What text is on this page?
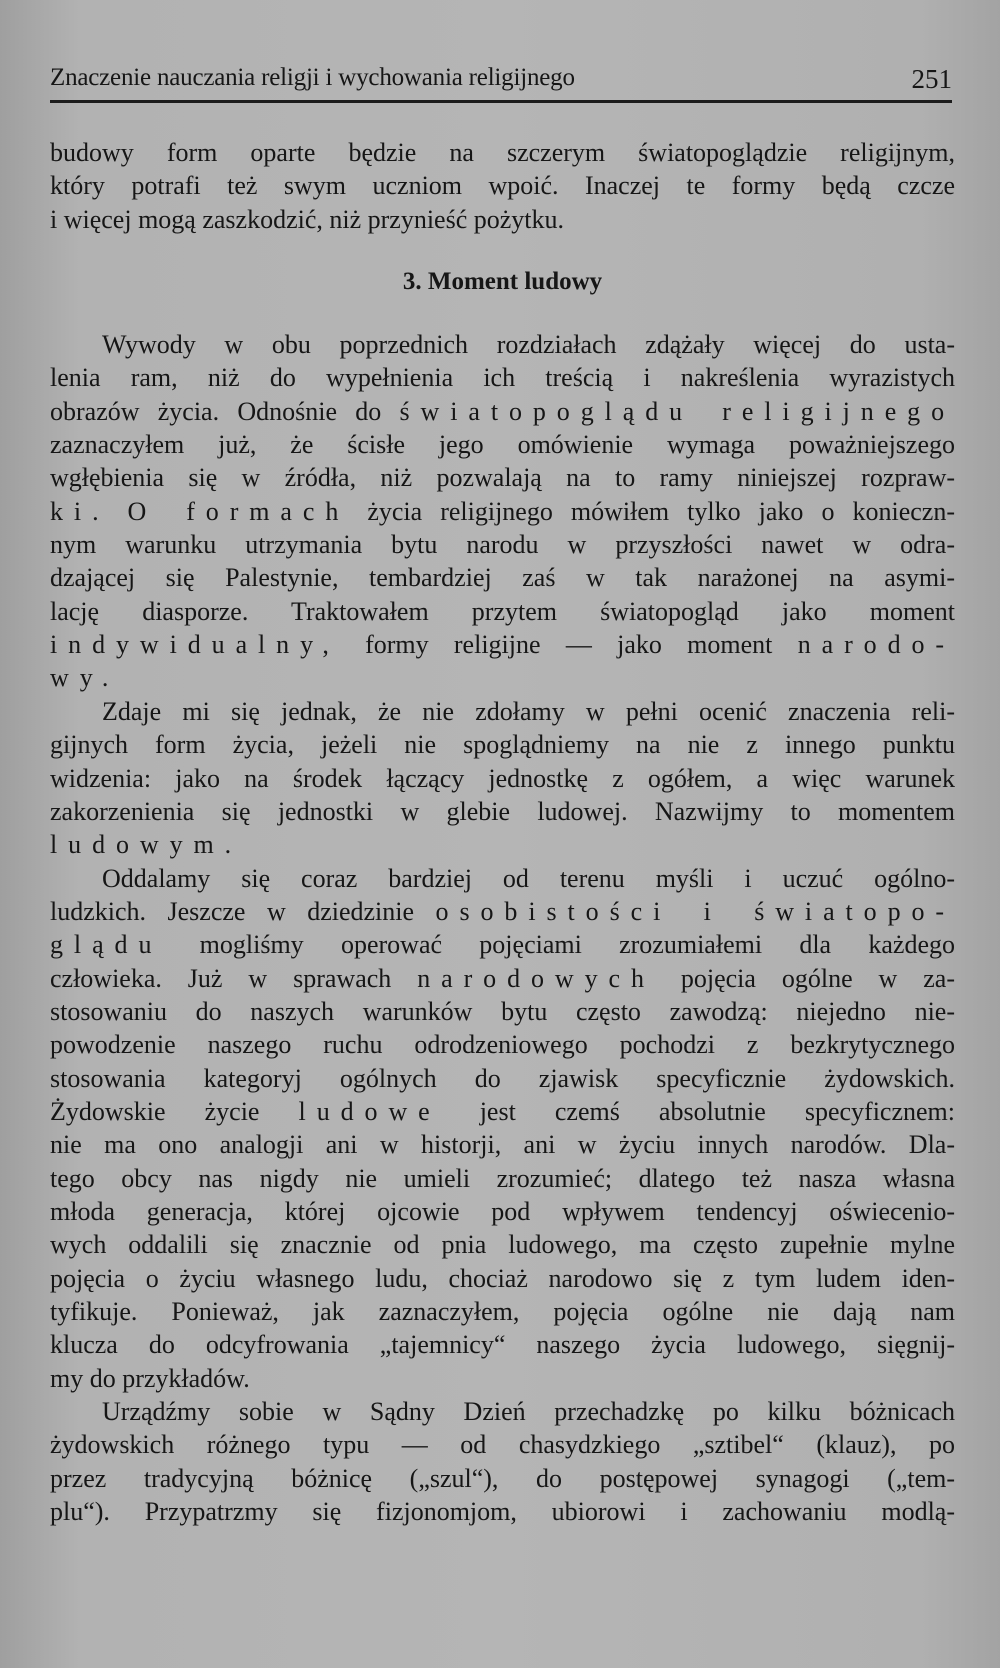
Znaczenie nauczania religji i wychowania religijnego	251
budowy form oparte będzie na szczerym światopoglądzie religijnym,
który potrafi też swym uczniom wpoić. Inaczej te formy będą czcze
i więcej mogą zaszkodzić, niż przynieść pożytku.
3. Moment ludowy
Wywody w obu poprzednich rozdziałach zdążały więcej do usta-
lenia ram, niż do wypełnienia ich treścią i nakreślenia wyrazistych
obrazów życia. Odnośnie do światopoglądu religijnego
zaznaczyłem już, że ścisłe jego omówienie wymaga poważniejszego
wgłębienia się w źródła, niż pozwalają na to ramy niniejszej rozpraw-
ki. O formach życia religijnego mówiłem tylko jako o konieczn-
nym warunku utrzymania bytu narodu w przyszłości nawet w odra-
dzającej się Palestynie, tembardziej zaś w tak narażonej na asymi-
lację diasporze. Traktowałem przytem światopogląd jako moment
indywidualny, formy religijne — jako moment narodo-
wy.
Zdaje mi się jednak, że nie zdołamy w pełni ocenić znaczenia reli-
gijnych form życia, jeżeli nie spoglądniemy na nie z innego punktu
widzenia: jako na środek łączący jednostkę z ogółem, a więc warunek
zakorzenienia się jednostki w glebie ludowej. Nazwijmy to momentem
ludowym.
Oddalamy się coraz bardziej od terenu myśli i uczuć ogólno-
ludzkich. Jeszcze w dziedzinie osobistości i światopo-
glądu mogliśmy operować pojęciami zrozumiałemi dla każdego
człowieka. Już w sprawach narodowych pojęcia ogólne w za-
stosowaniu do naszych warunków bytu często zawodzą: niejedno nie-
powodzenie naszego ruchu odrodzeniowego pochodzi z bezkrytycznego
stosowania kategoryj ogólnych do zjawisk specyficznie żydowskich.
Żydowskie życie ludowe jest czemś absolutnie specyficznem:
nie ma ono analogji ani w historji, ani w życiu innych narodów. Dla-
tego obcy nas nigdy nie umieli zrozumieć; dlatego też nasza własna
młoda generacja, której ojcowie pod wpływem tendencyj oświecenio-
wych oddalili się znacznie od pnia ludowego, ma często zupełnie mylne
pojęcia o życiu własnego ludu, chociaż narodowo się z tym ludem iden-
tyfikuje. Ponieważ, jak zaznaczyłem, pojęcia ogólne nie dają nam
klucza do odcyfrowania „tajemnicy“ naszego życia ludowego, sięgnij-
my do przykładów.
Urządźmy sobie w Sądny Dzień przechadzkę po kilku bóżnicach
żydowskich różnego typu — od chasydzkiego „sztibel“ (klauz), po
przez tradycyjną bóżnicę („szul“), do postępowej synagogi („tem-
plu“). Przypatrzmy się fizjonomjom, ubiorowi i zachowaniu modlą-
